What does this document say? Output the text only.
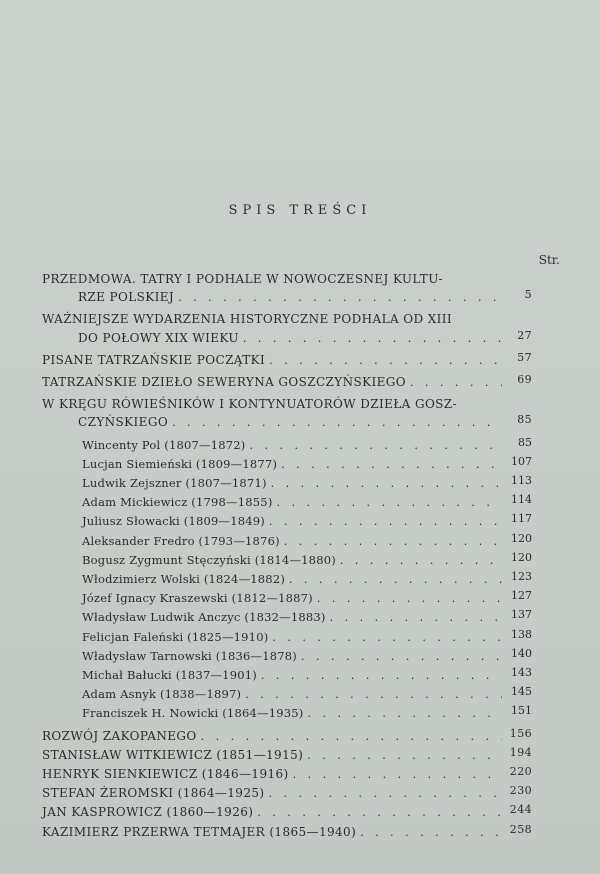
SPIS TREŚCI
Str.
PRZEDMOWA. TATRY I PODHALE W NOWOCZESNEJ KULTU-
RZE POLSKIEJ . . .	5
WAŻNIEJSZE WYDARZENIA HISTORYCZNE PODHALA OD XIII
DO POŁOWY XIX WIEKU . . .	27
PISANE TATRZAŃSKIE POCZĄTKI . . .	57
TATRZAŃSKIE DZIEŁO SEWERYNA GOSZCZYŃSKIEGO . . .	69
W KRĘGU RÓWIEŚNIKÓW I KONTYNUATORÓW DZIEŁA GOSZ-
CZYŃSKIEGO . . .	85
Wincenty Pol (1807—1872) . . .	85
Lucjan Siemieński (1809—1877) . . .	107
Ludwik Zejszner (1807—1871) . . .	113
Adam Mickiewicz (1798—1855) . . .	114
Juliusz Słowacki (1809—1849) . . .	117
Aleksander Fredro (1793—1876) . . .	120
Bogusz Zygmunt Stęczyński (1814—1880) . . .	120
Włodzimierz Wolski (1824—1882) . . .	123
Józef Ignacy Kraszewski (1812—1887) . . .	127
Władysław Ludwik Anczyc (1832—1883) . . .	137
Felicjan Faleński (1825—1910) . . .	138
Władysław Tarnowski (1836—1878) . . .	140
Michał Bałucki (1837—1901) . . .	143
Adam Asnyk (1838—1897) . . .	145
Franciszek H. Nowicki (1864—1935) . . .	151
ROZWÓJ ZAKOPANEGO . . .	156
STANISŁAW WITKIEWICZ (1851—1915) . . .	194
HENRYK SIENKIEWICZ (1846—1916) . . .	220
STEFAN ŻEROMSKI (1864—1925) . . .	230
JAN KASPROWICZ (1860—1926) . . .	244
KAZIMIERZ PRZERWA TETMAJER (1865—1940) . . .	258
